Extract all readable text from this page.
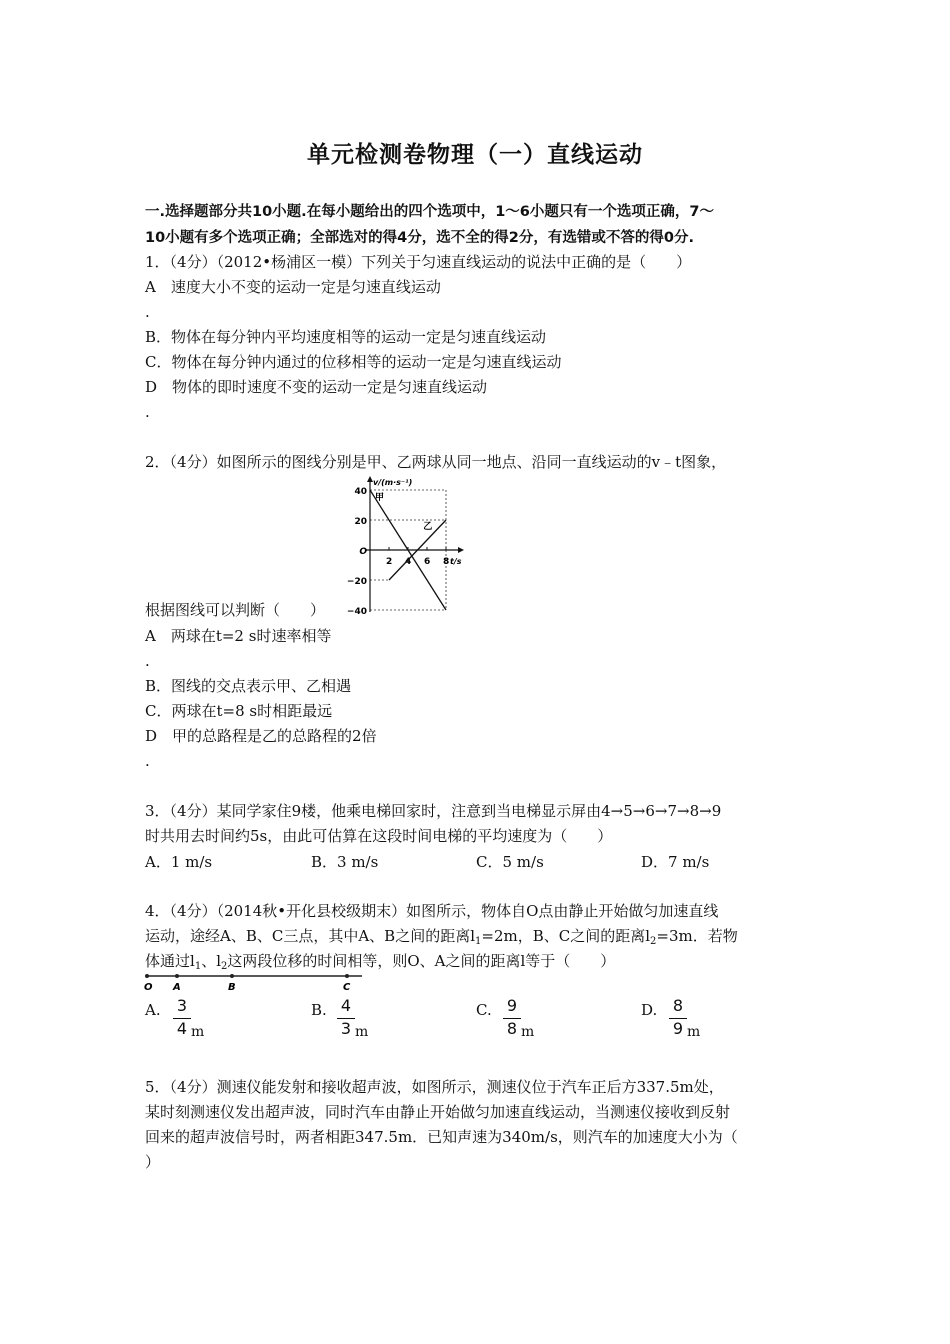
单元检测卷物理（一）直线运动
一.选择题部分共10小题.在每小题给出的四个选项中，1～6小题只有一个选项正确，7～
10小题有多个选项正确；全部选对的得4分，选不全的得2分，有选错或不答的得0分.
1．（4分）（2012•杨浦区一模）下列关于匀速直线运动的说法中正确的是（　　）
A　速度大小不变的运动一定是匀速直线运动
.
B．物体在每分钟内平均速度相等的运动一定是匀速直线运动
C．物体在每分钟内通过的位移相等的运动一定是匀速直线运动
D　物体的即时速度不变的运动一定是匀速直线运动
.
2．（4分）如图所示的图线分别是甲、乙两球从同一地点、沿同一直线运动的v﹣t图象，
v/(m·s⁻¹)
t/s
40
20
O
−20
−40
2 4 6 8
甲
乙
根据图线可以判断（　　）
A　两球在t=2 s时速率相等
.
B．图线的交点表示甲、乙相遇
C．两球在t=8 s时相距最远
D　甲的总路程是乙的总路程的2倍
.
3．（4分）某同学家住9楼，他乘电梯回家时，注意到当电梯显示屏由4→5→6→7→8→9
时共用去时间约5s，由此可估算在这段时间电梯的平均速度为（　　）
A．1 m/s	B．3 m/s	C．5 m/s	D．7 m/s
4．（4分）（2014秋•开化县校级期末）如图所示，物体自O点由静止开始做匀加速直线
运动，途经A、B、C三点，其中A、B之间的距离$l_1=2m$，B、C之间的距离$l_2=3m$．若物
体通过$l_1$、$l_2$这两段位移的时间相等，则O、A之间的距离l等于（　　）
O A	B	C
A. 3
4 m
B. 4
3 m
C. 9
8 m
D. 8
9 m
5．（4分）测速仪能发射和接收超声波，如图所示，测速仪位于汽车正后方337.5m处，
某时刻测速仪发出超声波，同时汽车由静止开始做匀加速直线运动，当测速仪接收到反射
回来的超声波信号时，两者相距347.5m．已知声速为340m/s，则汽车的加速度大小为（
）
